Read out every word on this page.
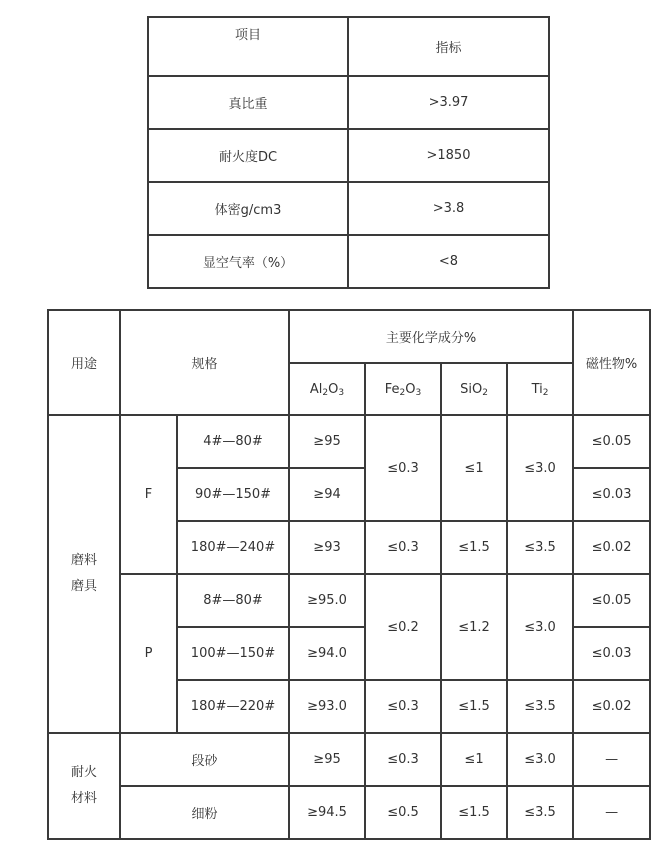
项目	指标
真比重	>3.97
耐火度DC	>1850
体密g/cm3	>3.8
显空气率（%）	<8
用途	规格		主要化学成分%				磁性物%
			$Al_2O_3$	$Fe_2O_3$	SiO$_2$	$Ti_2$

磨料
磨具	F	4#—80#	≥95	≤0.3	≤1	≤3.0	≤0.05
		90#—150#	≥94				≤0.03
		180#—240#	≥93	≤0.3	≤1.5	≤3.5	≤0.02
	P	8#—80#	≥95.0	≤0.2	≤1.2	≤3.0	≤0.05
		100#—150#	≥94.0				≤0.03
		180#—220#	≥93.0	≤0.3	≤1.5	≤3.5	≤0.02

耐火
材料	段砂		≥95	≤0.3	≤1	≤3.0	—
	细粉		≥94.5	≤0.5	≤1.5	≤3.5	—
